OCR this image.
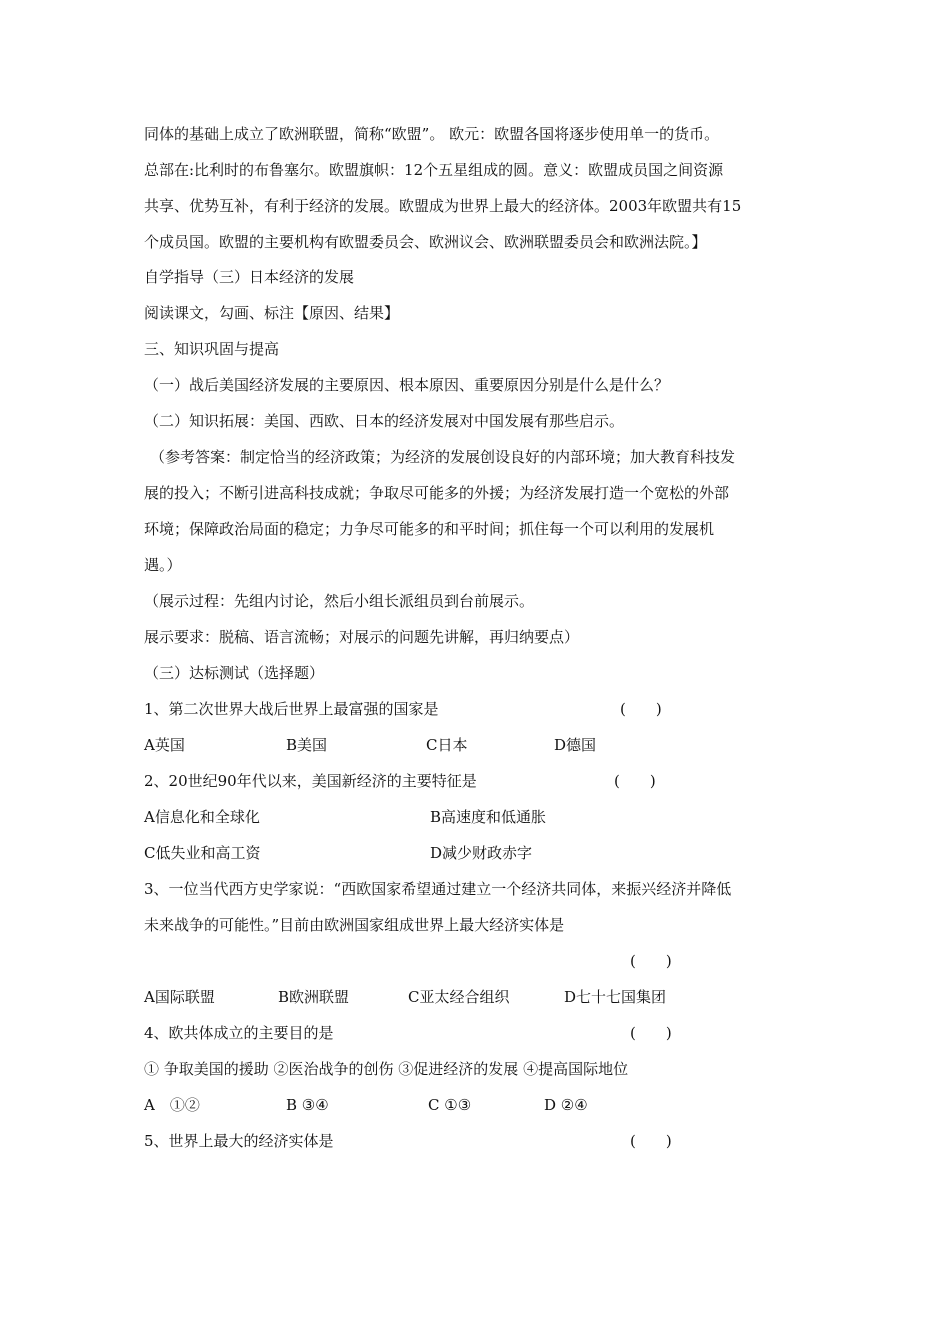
同体的基础上成立了欧洲联盟，简称“欧盟”。 欧元：欧盟各国将逐步使用单一的货币。
总部在:比利时的布鲁塞尔。欧盟旗帜：12个五星组成的圆。意义：欧盟成员国之间资源
共享、优势互补，有利于经济的发展。欧盟成为世界上最大的经济体。2003年欧盟共有15
个成员国。欧盟的主要机构有欧盟委员会、欧洲议会、欧洲联盟委员会和欧洲法院。】
自学指导（三）日本经济的发展
阅读课文，勾画、标注【原因、结果】
三、知识巩固与提高
（一）战后美国经济发展的主要原因、根本原因、重要原因分别是什么是什么？
（二）知识拓展：美国、西欧、日本的经济发展对中国发展有那些启示。
（参考答案：制定恰当的经济政策；为经济的发展创设良好的内部环境；加大教育科技发
展的投入；不断引进高科技成就；争取尽可能多的外援；为经济发展打造一个宽松的外部
环境；保障政治局面的稳定；力争尽可能多的和平时间；抓住每一个可以利用的发展机
遇。）
（展示过程：先组内讨论，然后小组长派组员到台前展示。
展示要求：脱稿、语言流畅；对展示的问题先讲解，再归纳要点）
（三）达标测试（选择题）
1、第二次世界大战后世界上最富强的国家是	(　　)
A英国	B美国	C日本	D德国
2、20世纪90年代以来，美国新经济的主要特征是	(　　)
A信息化和全球化	B高速度和低通胀
C低失业和高工资	D减少财政赤字
3、一位当代西方史学家说：“西欧国家希望通过建立一个经济共同体，来振兴经济并降低
未来战争的可能性。”目前由欧洲国家组成世界上最大经济实体是
(　　)
A国际联盟	B欧洲联盟	C亚太经合组织	D七十七国集团
4、欧共体成立的主要目的是	(　　)
① 争取美国的援助 ②医治战争的创伤 ③促进经济的发展 ④提高国际地位
A　①②	B ③④	C ①③	D ②④
5、世界上最大的经济实体是	(　　)
